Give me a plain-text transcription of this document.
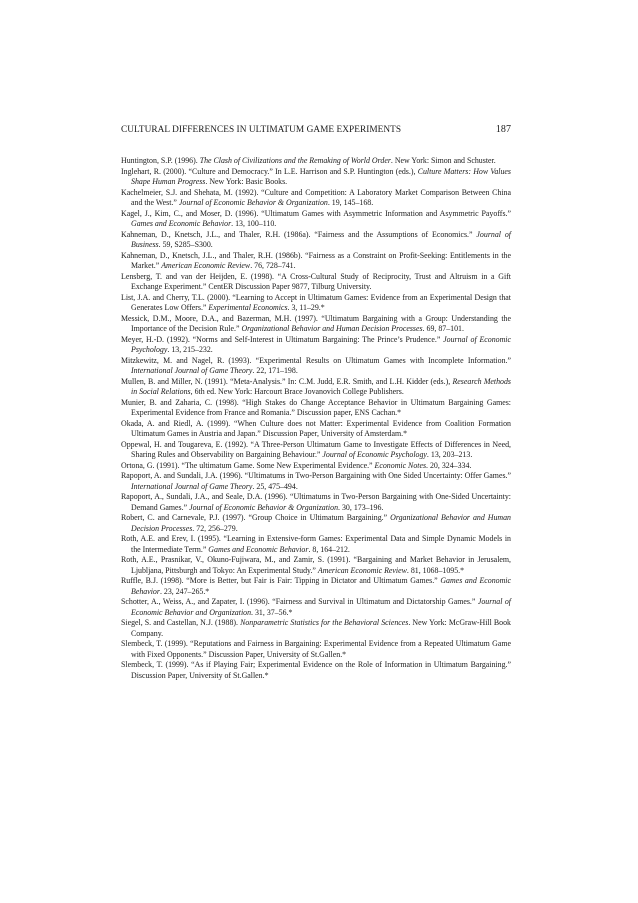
CULTURAL DIFFERENCES IN ULTIMATUM GAME EXPERIMENTS	187

Huntington, S.P. (1996). The Clash of Civilizations and the Remaking of World Order. New York: Simon and Schuster.

Inglehart, R. (2000). “Culture and Democracy.” In L.E. Harrison and S.P. Huntington (eds.), Culture Matters: How Values Shape Human Progress. New York: Basic Books.

Kachelmeier, S.J. and Shehata, M. (1992). “Culture and Competition: A Laboratory Market Comparison Between China and the West.” Journal of Economic Behavior & Organization. 19, 145–168.

Kagel, J., Kim, C., and Moser, D. (1996). “Ultimatum Games with Asymmetric Information and Asymmetric Payoffs.” Games and Economic Behavior. 13, 100–110.

Kahneman, D., Knetsch, J.L., and Thaler, R.H. (1986a). “Fairness and the Assumptions of Economics.” Journal of Business. 59, S285–S300.

Kahneman, D., Knetsch, J.L., and Thaler, R.H. (1986b). “Fairness as a Constraint on Profit-Seeking: Entitlements in the Market.” American Economic Review. 76, 728–741.

Lensberg, T. and van der Heijden, E. (1998). “A Cross-Cultural Study of Reciprocity, Trust and Altruism in a Gift Exchange Experiment.” CentER Discussion Paper 9877, Tilburg University.

List, J.A. and Cherry, T.L. (2000). “Learning to Accept in Ultimatum Games: Evidence from an Experimental Design that Generates Low Offers.” Experimental Economics. 3, 11–29.*

Messick, D.M., Moore, D.A., and Bazerman, M.H. (1997). “Ultimatum Bargaining with a Group: Understanding the Importance of the Decision Rule.” Organizational Behavior and Human Decision Processes. 69, 87–101.

Meyer, H.-D. (1992). “Norms and Self-Interest in Ultimatum Bargaining: The Prince’s Prudence.” Journal of Economic Psychology. 13, 215–232.

Mitzkewitz, M. and Nagel, R. (1993). “Experimental Results on Ultimatum Games with Incomplete Information.” International Journal of Game Theory. 22, 171–198.

Mullen, B. and Miller, N. (1991). “Meta-Analysis.” In: C.M. Judd, E.R. Smith, and L.H. Kidder (eds.), Research Methods in Social Relations, 6th ed. New York: Harcourt Brace Jovanovich College Publishers.

Munier, B. and Zaharia, C. (1998). “High Stakes do Change Acceptance Behavior in Ultimatum Bargaining Games: Experimental Evidence from France and Romania.” Discussion paper, ENS Cachan.*

Okada, A. and Riedl, A. (1999). “When Culture does not Matter: Experimental Evidence from Coalition Formation Ultimatum Games in Austria and Japan.” Discussion Paper, University of Amsterdam.*

Oppewal, H. and Tougareva, E. (1992). “A Three-Person Ultimatum Game to Investigate Effects of Differences in Need, Sharing Rules and Observability on Bargaining Behaviour.” Journal of Economic Psychology. 13, 203–213.

Ortona, G. (1991). “The ultimatum Game. Some New Experimental Evidence.” Economic Notes. 20, 324–334.

Rapoport, A. and Sundali, J.A. (1996). “Ultimatums in Two-Person Bargaining with One Sided Uncertainty: Offer Games.” International Journal of Game Theory. 25, 475–494.

Rapoport, A., Sundali, J.A., and Seale, D.A. (1996). “Ultimatums in Two-Person Bargaining with One-Sided Uncertainty: Demand Games.” Journal of Economic Behavior & Organization. 30, 173–196.

Robert, C. and Carnevale, P.J. (1997). “Group Choice in Ultimatum Bargaining.” Organizational Behavior and Human Decision Processes. 72, 256–279.

Roth, A.E. and Erev, I. (1995). “Learning in Extensive-form Games: Experimental Data and Simple Dynamic Models in the Intermediate Term.” Games and Economic Behavior. 8, 164–212.

Roth, A.E., Prasnikar, V., Okuno-Fujiwara, M., and Zamir, S. (1991). “Bargaining and Market Behavior in Jerusalem, Ljubljana, Pittsburgh and Tokyo: An Experimental Study.” American Economic Review. 81, 1068–1095.*

Ruffle, B.J. (1998). “More is Better, but Fair is Fair: Tipping in Dictator and Ultimatum Games.” Games and Economic Behavior. 23, 247–265.*

Schotter, A., Weiss, A., and Zapater, I. (1996). “Fairness and Survival in Ultimatum and Dictatorship Games.” Journal of Economic Behavior and Organization. 31, 37–56.*

Siegel, S. and Castellan, N.J. (1988). Nonparametric Statistics for the Behavioral Sciences. New York: McGraw-Hill Book Company.

Slembeck, T. (1999). “Reputations and Fairness in Bargaining: Experimental Evidence from a Repeated Ultimatum Game with Fixed Opponents.” Discussion Paper, University of St.Gallen.*

Slembeck, T. (1999). “As if Playing Fair; Experimental Evidence on the Role of Information in Ultimatum Bargaining.” Discussion Paper, University of St.Gallen.*
